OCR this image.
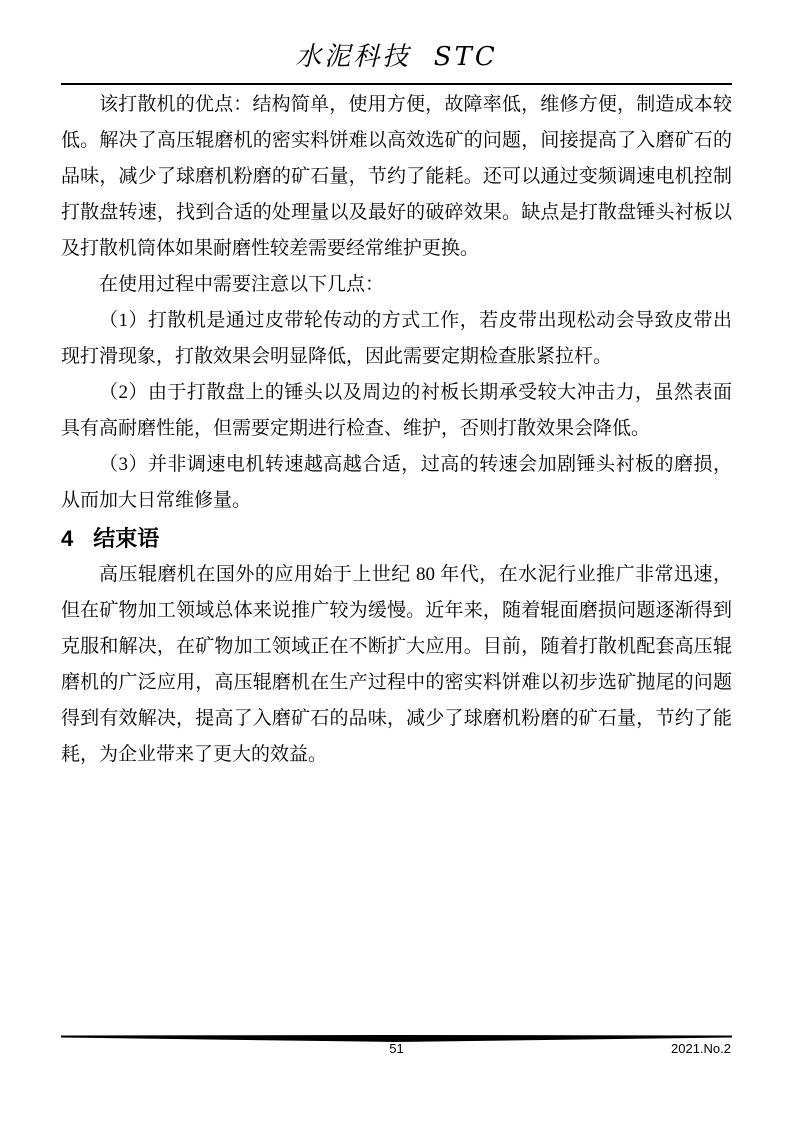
水泥科技  STC

该打散机的优点：结构简单，使用方便，故障率低，维修方便，制造成本较低。解决了高压辊磨机的密实料饼难以高效选矿的问题，间接提高了入磨矿石的品味，减少了球磨机粉磨的矿石量，节约了能耗。还可以通过变频调速电机控制打散盘转速，找到合适的处理量以及最好的破碎效果。缺点是打散盘锤头衬板以及打散机筒体如果耐磨性较差需要经常维护更换。

在使用过程中需要注意以下几点：

（1）打散机是通过皮带轮传动的方式工作，若皮带出现松动会导致皮带出现打滑现象，打散效果会明显降低，因此需要定期检查胀紧拉杆。

（2）由于打散盘上的锤头以及周边的衬板长期承受较大冲击力，虽然表面具有高耐磨性能，但需要定期进行检查、维护，否则打散效果会降低。

（3）并非调速电机转速越高越合适，过高的转速会加剧锤头衬板的磨损，从而加大日常维修量。

4 结束语

高压辊磨机在国外的应用始于上世纪 80 年代，在水泥行业推广非常迅速，但在矿物加工领域总体来说推广较为缓慢。近年来，随着辊面磨损问题逐渐得到克服和解决，在矿物加工领域正在不断扩大应用。目前，随着打散机配套高压辊磨机的广泛应用，高压辊磨机在生产过程中的密实料饼难以初步选矿抛尾的问题得到有效解决，提高了入磨矿石的品味，减少了球磨机粉磨的矿石量，节约了能耗，为企业带来了更大的效益。

51	2021.No.2
